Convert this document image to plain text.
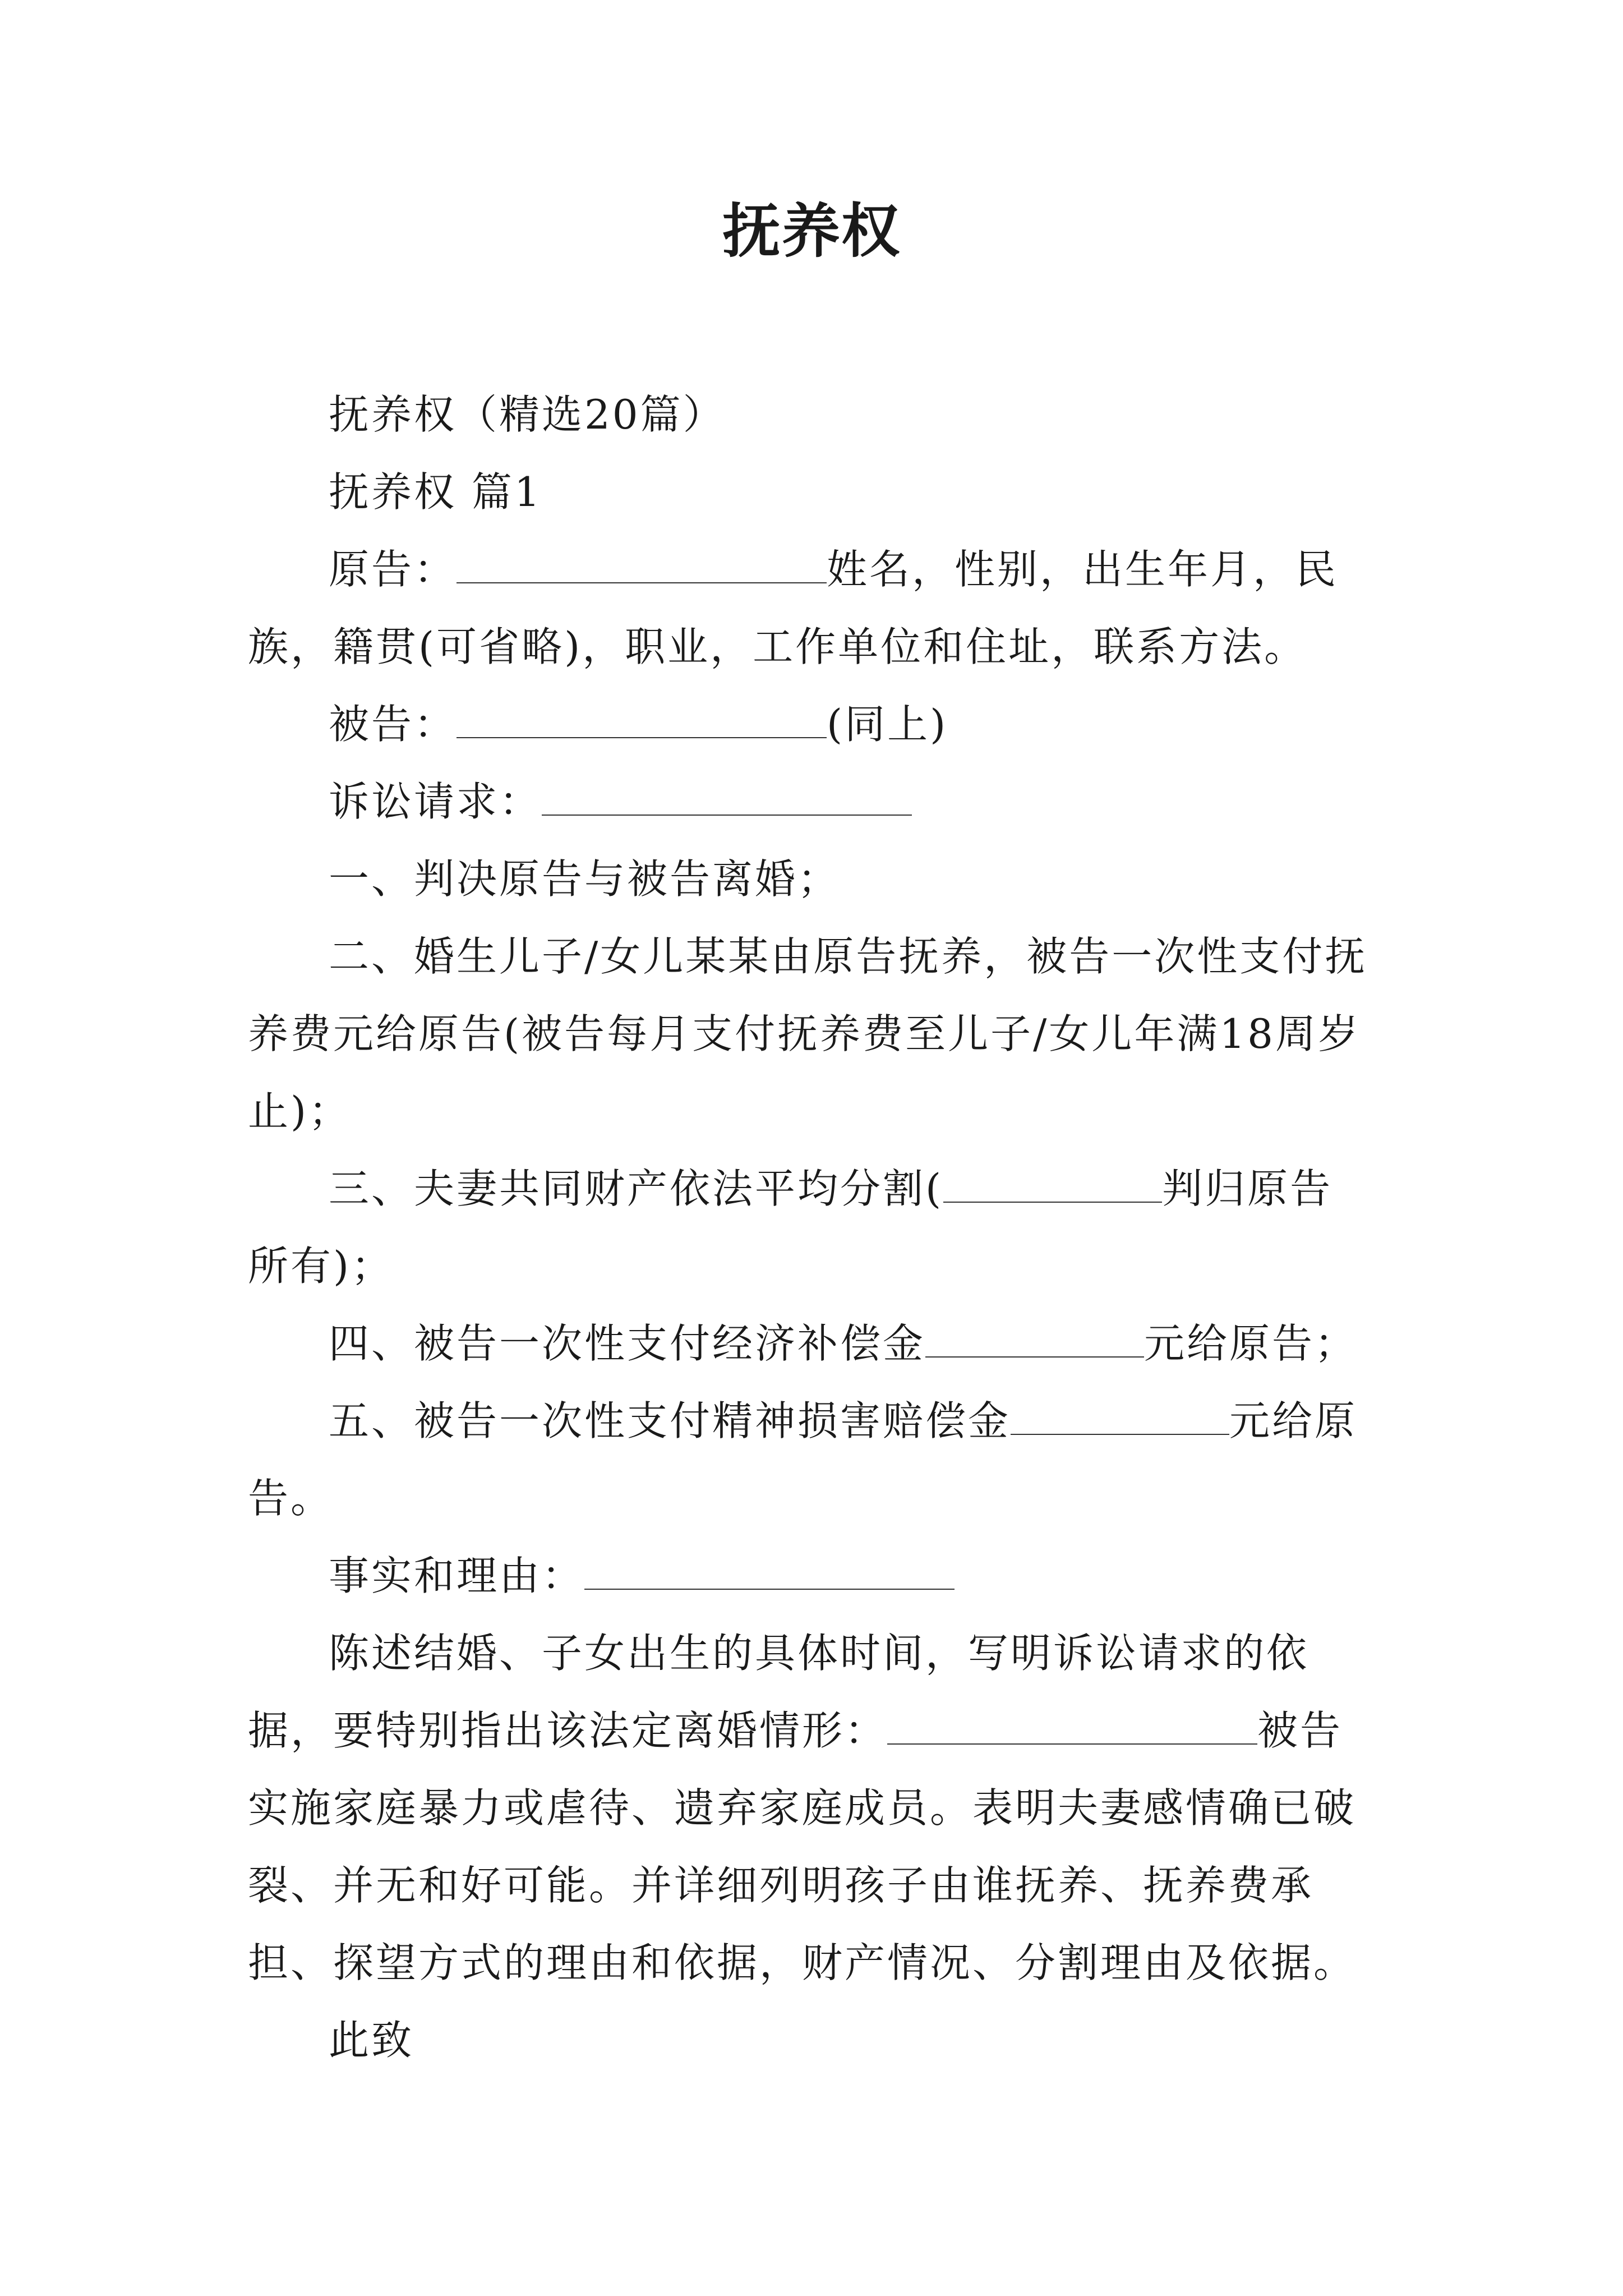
抚养权

抚养权（精选20篇）

抚养权 篇1

原告：	姓名，性别，出生年月，民族，籍贯(可省略)，职业，工作单位和住址，联系方法。

被告：	(同上)

诉讼请求：

一、判决原告与被告离婚；

二、婚生儿子/女儿某某由原告抚养，被告一次性支付抚养费元给原告(被告每月支付抚养费至儿子/女儿年满18周岁止)；

三、夫妻共同财产依法平均分割(	判归原告所有)；

四、被告一次性支付经济补偿金	元给原告；

五、被告一次性支付精神损害赔偿金	元给原告。

事实和理由：

陈述结婚、子女出生的具体时间，写明诉讼请求的依据，要特别指出该法定离婚情形：	被告实施家庭暴力或虐待、遗弃家庭成员。表明夫妻感情确已破裂、并无和好可能。并详细列明孩子由谁抚养、抚养费承担、探望方式的理由和依据，财产情况、分割理由及依据。

此致
